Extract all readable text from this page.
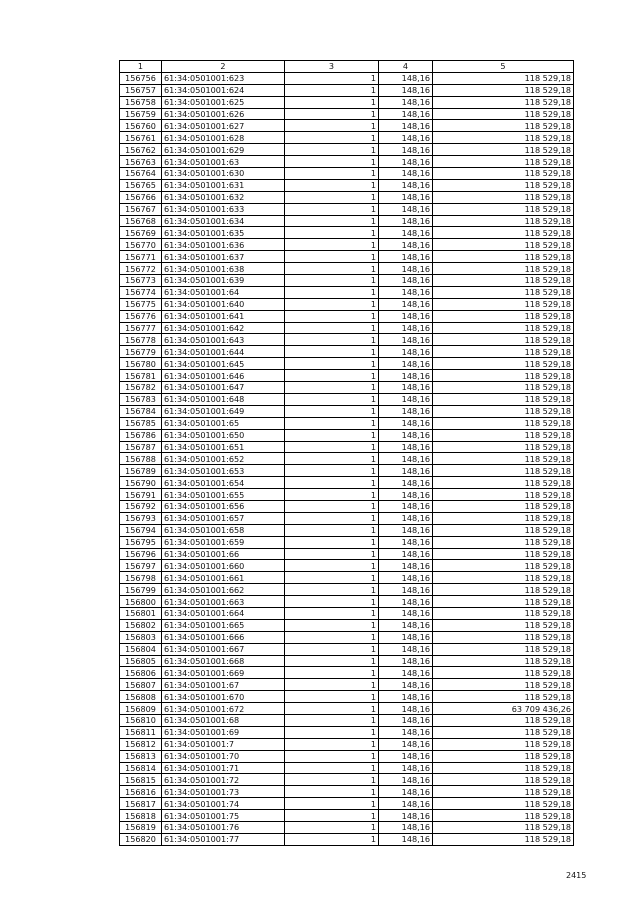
1	2	3	4	5
156756	61:34:0501001:623	1	148,16	118 529,18
156757	61:34:0501001:624	1	148,16	118 529,18
156758	61:34:0501001:625	1	148,16	118 529,18
156759	61:34:0501001:626	1	148,16	118 529,18
156760	61:34:0501001:627	1	148,16	118 529,18
156761	61:34:0501001:628	1	148,16	118 529,18
156762	61:34:0501001:629	1	148,16	118 529,18
156763	61:34:0501001:63	1	148,16	118 529,18
156764	61:34:0501001:630	1	148,16	118 529,18
156765	61:34:0501001:631	1	148,16	118 529,18
156766	61:34:0501001:632	1	148,16	118 529,18
156767	61:34:0501001:633	1	148,16	118 529,18
156768	61:34:0501001:634	1	148,16	118 529,18
156769	61:34:0501001:635	1	148,16	118 529,18
156770	61:34:0501001:636	1	148,16	118 529,18
156771	61:34:0501001:637	1	148,16	118 529,18
156772	61:34:0501001:638	1	148,16	118 529,18
156773	61:34:0501001:639	1	148,16	118 529,18
156774	61:34:0501001:64	1	148,16	118 529,18
156775	61:34:0501001:640	1	148,16	118 529,18
156776	61:34:0501001:641	1	148,16	118 529,18
156777	61:34:0501001:642	1	148,16	118 529,18
156778	61:34:0501001:643	1	148,16	118 529,18
156779	61:34:0501001:644	1	148,16	118 529,18
156780	61:34:0501001:645	1	148,16	118 529,18
156781	61:34:0501001:646	1	148,16	118 529,18
156782	61:34:0501001:647	1	148,16	118 529,18
156783	61:34:0501001:648	1	148,16	118 529,18
156784	61:34:0501001:649	1	148,16	118 529,18
156785	61:34:0501001:65	1	148,16	118 529,18
156786	61:34:0501001:650	1	148,16	118 529,18
156787	61:34:0501001:651	1	148,16	118 529,18
156788	61:34:0501001:652	1	148,16	118 529,18
156789	61:34:0501001:653	1	148,16	118 529,18
156790	61:34:0501001:654	1	148,16	118 529,18
156791	61:34:0501001:655	1	148,16	118 529,18
156792	61:34:0501001:656	1	148,16	118 529,18
156793	61:34:0501001:657	1	148,16	118 529,18
156794	61:34:0501001:658	1	148,16	118 529,18
156795	61:34:0501001:659	1	148,16	118 529,18
156796	61:34:0501001:66	1	148,16	118 529,18
156797	61:34:0501001:660	1	148,16	118 529,18
156798	61:34:0501001:661	1	148,16	118 529,18
156799	61:34:0501001:662	1	148,16	118 529,18
156800	61:34:0501001:663	1	148,16	118 529,18
156801	61:34:0501001:664	1	148,16	118 529,18
156802	61:34:0501001:665	1	148,16	118 529,18
156803	61:34:0501001:666	1	148,16	118 529,18
156804	61:34:0501001:667	1	148,16	118 529,18
156805	61:34:0501001:668	1	148,16	118 529,18
156806	61:34:0501001:669	1	148,16	118 529,18
156807	61:34:0501001:67	1	148,16	118 529,18
156808	61:34:0501001:670	1	148,16	118 529,18
156809	61:34:0501001:672	1	148,16	63 709 436,26
156810	61:34:0501001:68	1	148,16	118 529,18
156811	61:34:0501001:69	1	148,16	118 529,18
156812	61:34:0501001:7	1	148,16	118 529,18
156813	61:34:0501001:70	1	148,16	118 529,18
156814	61:34:0501001:71	1	148,16	118 529,18
156815	61:34:0501001:72	1	148,16	118 529,18
156816	61:34:0501001:73	1	148,16	118 529,18
156817	61:34:0501001:74	1	148,16	118 529,18
156818	61:34:0501001:75	1	148,16	118 529,18
156819	61:34:0501001:76	1	148,16	118 529,18
156820	61:34:0501001:77	1	148,16	118 529,18
2415
